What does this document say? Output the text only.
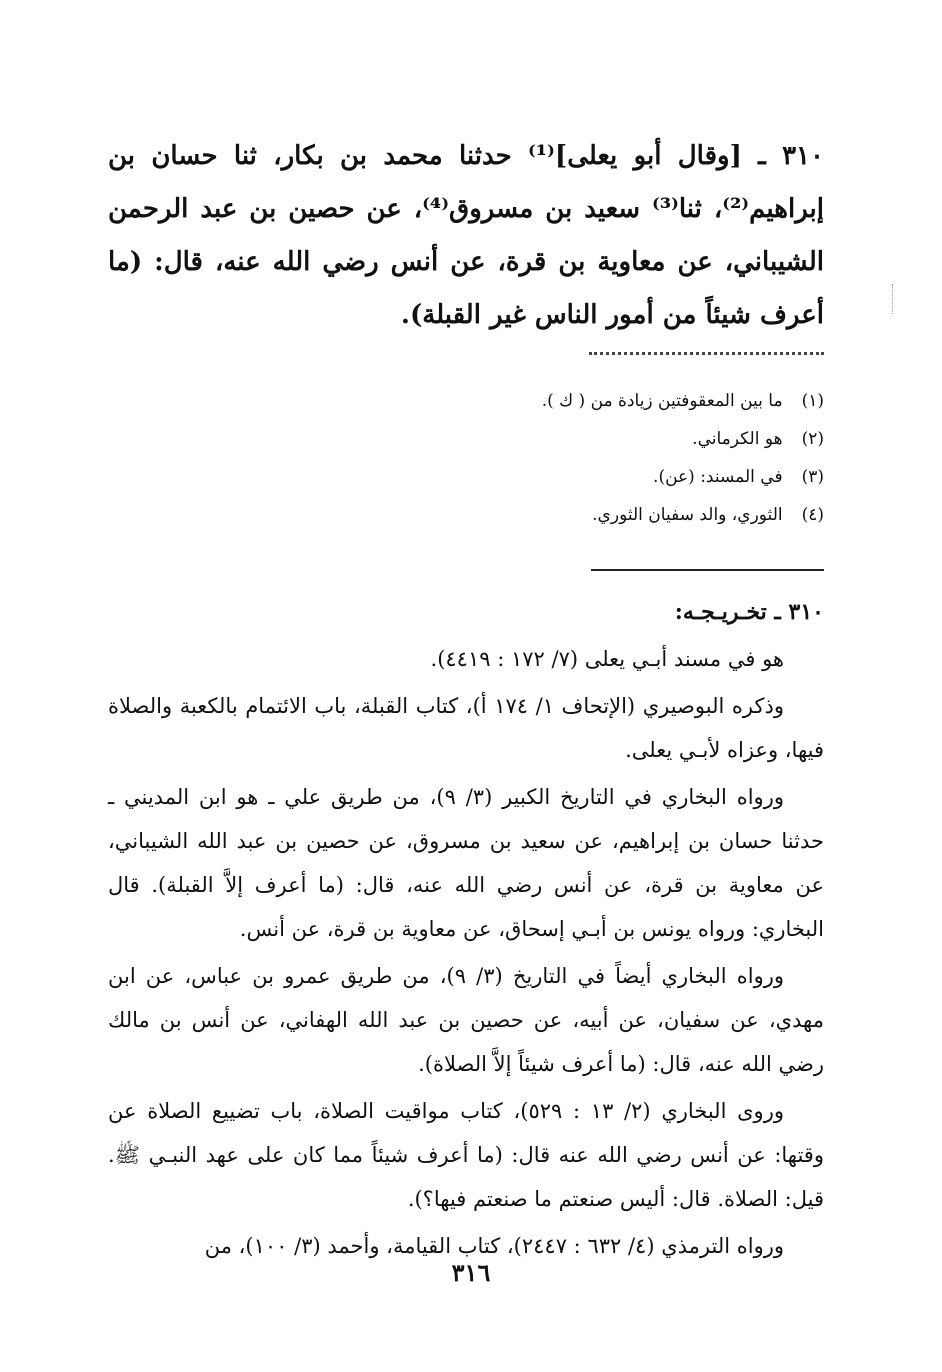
٣١٠ ـ [وقال أبو يعلى]⁽¹⁾ حدثنا محمد بن بكار، ثنا حسان بن إبراهيم⁽²⁾، ثنا⁽³⁾ سعيد بن مسروق⁽⁴⁾، عن حصين بن عبد الرحمن الشيباني، عن معاوية بن قرة، عن أنس رضي الله عنه، قال: (ما أعرف شيئاً من أمور الناس غير القبلة).

(١) ما بين المعقوفتين زيادة من ( ك ).

(٢) هو الكرماني.

(٣) في المسند: (عن).

(٤) الثوري، والد سفيان الثوري.

٣١٠ ـ تخـريـجـه:

هو في مسند أبـي يعلى (٧/ ١٧٢ : ٤٤١٩).

وذكره البوصيري (الإتحاف ١/ ١٧٤ أ)، كتاب القبلة، باب الائتمام بالكعبة والصلاة فيها، وعزاه لأبـي يعلى.

ورواه البخاري في التاريخ الكبير (٣/ ٩)، من طريق علي ـ هو ابن المديني ـ حدثنا حسان بن إبراهيم، عن سعيد بن مسروق، عن حصين بن عبد الله الشيباني، عن معاوية بن قرة، عن أنس رضي الله عنه، قال: (ما أعرف إلاَّ القبلة). قال البخاري: ورواه يونس بن أبـي إسحاق، عن معاوية بن قرة، عن أنس.

ورواه البخاري أيضاً في التاريخ (٣/ ٩)، من طريق عمرو بن عباس، عن ابن مهدي، عن سفيان، عن أبيه، عن حصين بن عبد الله الهفاني، عن أنس بن مالك رضي الله عنه، قال: (ما أعرف شيئاً إلاَّ الصلاة).

وروى البخاري (٢/ ١٣ : ٥٢٩)، كتاب مواقيت الصلاة، باب تضييع الصلاة عن وقتها: عن أنس رضي الله عنه قال: (ما أعرف شيئاً مما كان على عهد النبـي ﷺ. قيل: الصلاة. قال: أليس صنعتم ما صنعتم فيها؟).

ورواه الترمذي (٤/ ٦٣٢ : ٢٤٤٧)، كتاب القيامة، وأحمد (٣/ ١٠٠)، من

٣١٦
